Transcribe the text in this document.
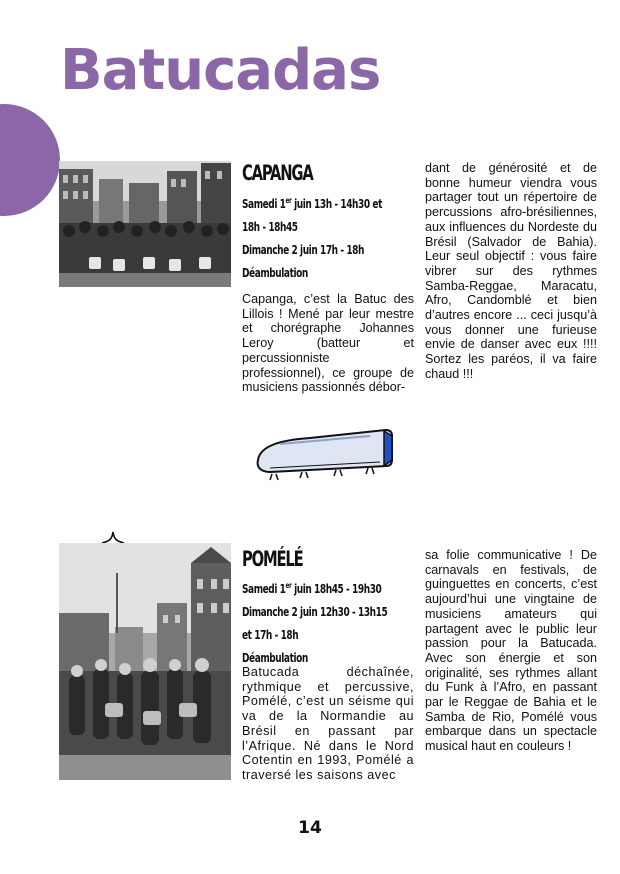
Batucadas
CAPANGA
Samedi 1er juin 13h - 14h30 et
18h - 18h45
Dimanche 2 juin 17h - 18h
Déambulation

Capanga, c’est la Batuc des Lillois ! Mené par leur mestre et chorégraphe Johannes Leroy (batteur et percussionniste professionnel), ce groupe de musiciens passionnés débor-

dant de générosité et de bonne humeur viendra vous partager tout un répertoire de percussions afro-brésiliennes, aux influences du Nordeste du Brésil (Salvador de Bahia). Leur seul objectif : vous faire vibrer sur des rythmes Samba-Reggae, Maracatu, Afro, Candomblé et bien d’autres encore ... ceci jusqu’à vous donner une furieuse envie de danser avec eux !!!! Sortez les paréos, il va faire chaud !!!

POMÉLÉ
Samedi 1er juin 18h45 - 19h30
Dimanche 2 juin 12h30 - 13h15
et 17h - 18h
Déambulation

Batucada déchaînée, rythmique et percussive, Pomélé, c’est un séisme qui va de la Normandie au Brésil en passant par l’Afrique. Né dans le Nord Cotentin en 1993, Pomélé a traversé les saisons avec

sa folie communicative ! De carnavals en festivals, de guinguettes en concerts, c’est aujourd’hui une vingtaine de musiciens amateurs qui partagent avec le public leur passion pour la Batucada. Avec son énergie et son originalité, ses rythmes allant du Funk à l’Afro, en passant par le Reggae de Bahia et le Samba de Rio, Pomélé vous embarque dans un spectacle musical haut en couleurs !

14
